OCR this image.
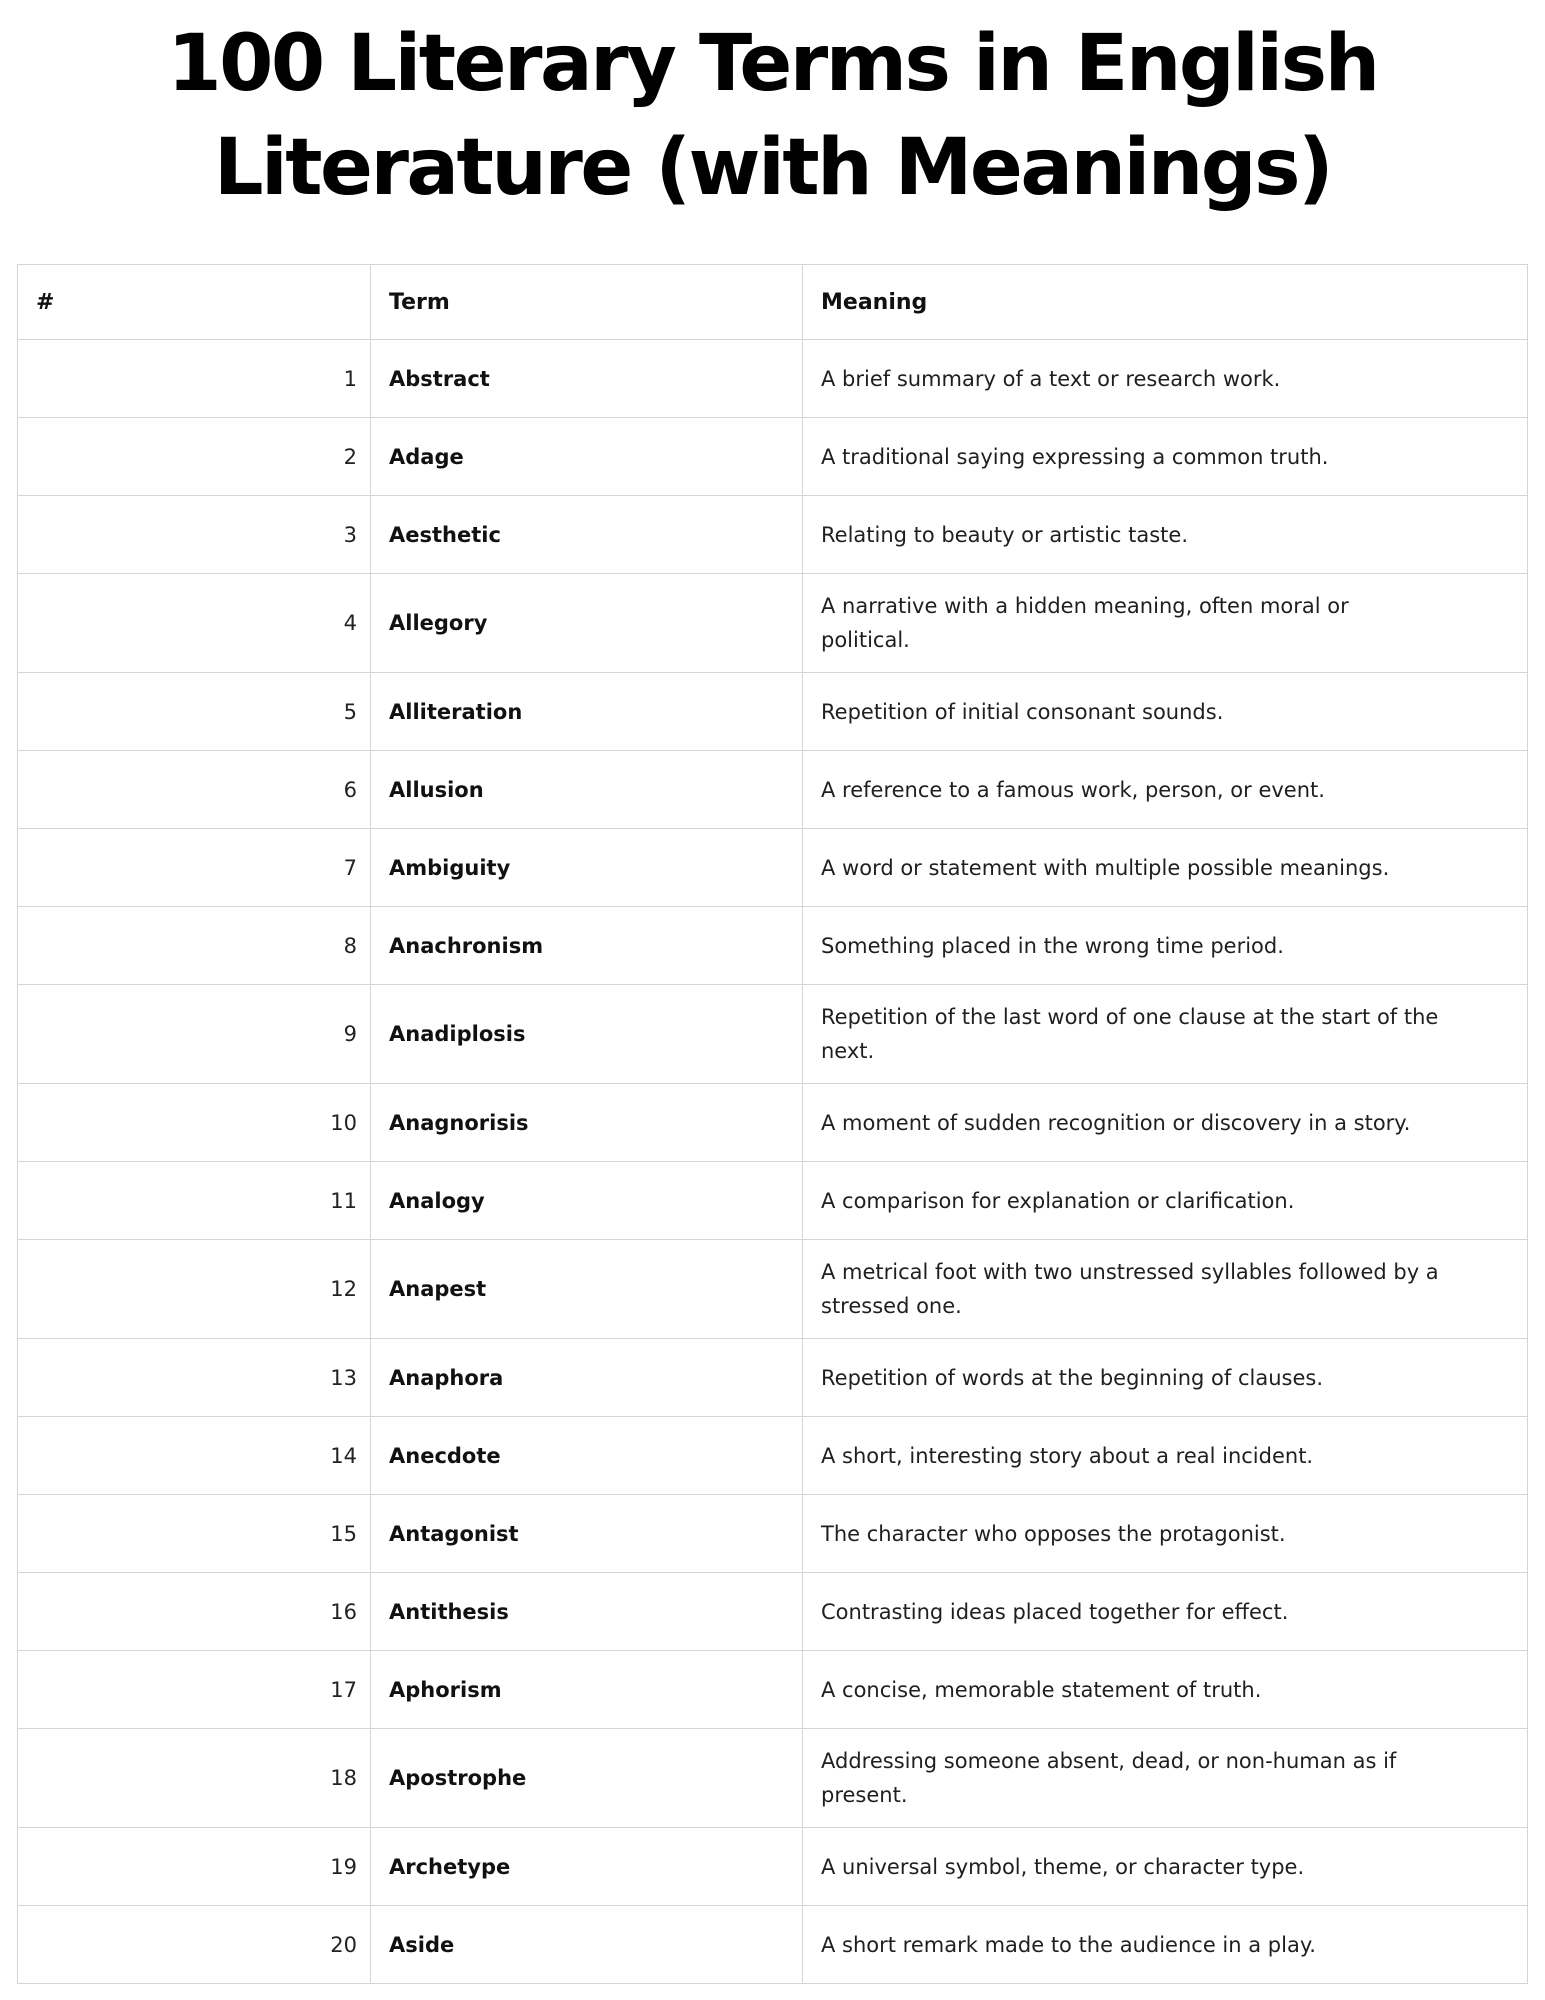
100 Literary Terms in English
Literature (with Meanings)
#	Term	Meaning
1	Abstract	A brief summary of a text or research work.

2	Adage	A traditional saying expressing a common truth.

3	Aesthetic	Relating to beauty or artistic taste.

4	Allegory	A narrative with a hidden meaning, often moral or political.

5	Alliteration	Repetition of initial consonant sounds.

6	Allusion	A reference to a famous work, person, or event.

7	Ambiguity	A word or statement with multiple possible meanings.

8	Anachronism	Something placed in the wrong time period.

9	Anadiplosis	Repetition of the last word of one clause at the start of the next.

10	Anagnorisis	A moment of sudden recognition or discovery in a story.

11	Analogy	A comparison for explanation or clarification.

12	Anapest	A metrical foot with two unstressed syllables followed by a stressed one.

13	Anaphora	Repetition of words at the beginning of clauses.

14	Anecdote	A short, interesting story about a real incident.

15	Antagonist	The character who opposes the protagonist.

16	Antithesis	Contrasting ideas placed together for effect.

17	Aphorism	A concise, memorable statement of truth.

18	Apostrophe	Addressing someone absent, dead, or non-human as if present.

19	Archetype	A universal symbol, theme, or character type.

20	Aside	A short remark made to the audience in a play.
